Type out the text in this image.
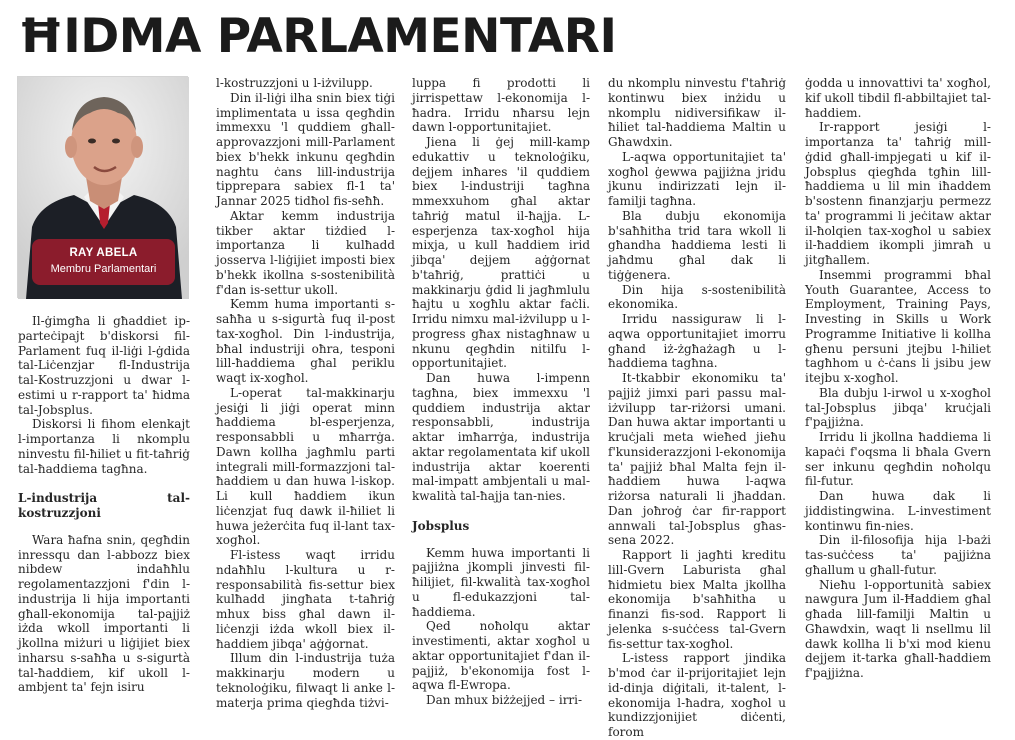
ĦIDMA PARLAMENTARI
RAY ABELA
Membru Parlamentari

Il-ġimgħa li għaddiet ip-parteċipajt b'diskorsi fil-Parlament fuq il-liġi l-ġdida tal-Liċenzjar fl-Industrija tal-Kostruzzjoni u dwar l-estimi u r-rapport ta' ħidma tal-Jobsplus.

Diskorsi li fihom elenkajt l-importanza li nkomplu ninvestu fil-ħiliet u fit-taħriġ tal-ħaddiema tagħna.

L-industrija tal-kostruzzjoni

Wara ħafna snin, qegħdin inressqu dan l-abbozz biex nibdew indaħħlu regolamentazzjoni f'din l-industrija li hija importanti għall-ekonomija tal-pajjiż iżda wkoll importanti li jkollna miżuri u liġijiet biex inharsu s-saħħa u s-sigurtà tal-ħaddiem, kif ukoll l-ambjent ta' fejn isiru

l-kostruzzjoni u l-iżvilupp.

Din il-liġi ilha snin biex tiġi implimentata u issa qegħdin immexxu 'l quddiem għall-approvazzjoni mill-Parlament biex b'hekk inkunu qegħdin naghtu ċans lill-industrija tipprepara sabiex fl-1 ta' Jannar 2025 tidħol fis-seħħ.

Aktar kemm industrija tikber aktar tiżdied l-importanza li kulħadd josserva l-liġijiet imposti biex b'hekk ikollna s-sostenibilità f'dan is-settur ukoll.

Kemm huma importanti s-saħħa u s-sigurtà fuq il-post tax-xogħol. Din l-industrija, bħal industriji oħra, tesponi lill-ħaddiema għal periklu waqt ix-xogħol.

L-operat tal-makkinarju jesiġi li jiġi operat minn ħaddiema bl-esperjenza, responsabbli u mħarrġa. Dawn kollha jagħmlu parti integrali mill-formazzjoni tal-ħaddiem u dan huwa l-iskop. Li kull ħaddiem ikun liċenzjat fuq dawk il-ħiliet li huwa jeżerċita fuq il-lant tax-xogħol.

Fl-istess waqt irridu ndaħħlu l-kultura u r-responsabilità fis-settur biex kulħadd jingħata t-taħriġ mhux biss għal dawn il-liċenzji iżda wkoll biex il-ħaddiem jibqa' aġġornat.

Illum din l-industrija tuża makkinarju modern u teknoloġiku, filwaqt li anke l-materja prima qiegħda tiżvi-

luppa fi prodotti li jirrispettaw l-ekonomija l-ħadra. Irridu nħarsu lejn dawn l-opportunitajiet.

Jiena li ġej mill-kamp edukattiv u teknoloġiku, dejjem inħares 'il quddiem biex l-industriji tagħna mmexxuhom għal aktar taħriġ matul il-ħajja. L-esperjenza tax-xogħol hija mixja, u kull ħaddiem irid jibqa' dejjem aġġornat b'taħriġ, prattiċi u makkinarju ġdid li jagħmlulu ħajtu u xogħlu aktar faċli. Irridu nimxu mal-iżvilupp u l-progress għax nistagħnaw u nkunu qegħdin nitilfu l-opportunitajiet.

Dan huwa l-impenn tagħna, biex immexxu 'l quddiem industrija aktar responsabbli, industrija aktar imħarrġa, industrija aktar regolamentata kif ukoll industrija aktar koerenti mal-impatt ambjentali u mal-kwalità tal-ħajja tan-nies.

Jobsplus

Kemm huwa importanti li pajjiżna jkompli jinvesti fil-ħilijiet, fil-kwalità tax-xogħol u fl-edukazzjoni tal-ħaddiema.

Qed noħolqu aktar investimenti, aktar xogħol u aktar opportunitajiet f'dan il-pajjiż, b'ekonomija fost l-aqwa fl-Ewropa.

Dan mhux biżżejjed – irri-

du nkomplu ninvestu f'taħriġ kontinwu biex inżidu u nkomplu nidiversifikaw il-ħiliet tal-ħaddiema Maltin u Għawdxin.

L-aqwa opportunitajiet ta' xogħol ġewwa pajjiżna jridu jkunu indirizzati lejn il-familji tagħna.

Bla dubju ekonomija b'saħħitha trid tara wkoll li għandha ħaddiema lesti li jaħdmu għal dak li tiġġenera.

Din hija s-sostenibilità ekonomika.

Irridu nassiguraw li l-aqwa opportunitajiet imorru għand iż-żgħażagħ u l-ħaddiema tagħna.

It-tkabbir ekonomiku ta' pajjiż jimxi pari passu mal-iżvilupp tar-riżorsi umani. Dan huwa aktar importanti u kruċjali meta wieħed jieħu f'kunsiderazzjoni l-ekonomija ta' pajjiż bħal Malta fejn il-ħaddiem huwa l-aqwa riżorsa naturali li jħaddan. Dan joħroġ ċar fir-rapport annwali tal-Jobsplus għas-sena 2022.

Rapport li jagħti kreditu lill-Gvern Laburista għal ħidmietu biex Malta jkollha ekonomija b'saħħitha u finanzi fis-sod. Rapport li jelenka s-suċċess tal-Gvern fis-settur tax-xogħol.

L-istess rapport jindika b'mod ċar il-prijoritajiet lejn id-dinja diġitali, it-talent, l-ekonomija l-ħadra, xogħol u kundizzjonijiet diċenti, forom

ġodda u innovattivi ta' xogħol, kif ukoll tibdil fl-abbiltajiet tal-ħaddiem.

Ir-rapport jesiġi l-importanza ta' taħriġ mill-ġdid għall-impjegati u kif il-Jobsplus qiegħda tgħin lill-ħaddiema u lil min iħaddem b'sostenn finanzjarju permezz ta' programmi li jeċitaw aktar il-ħolqien tax-xogħol u sabiex il-ħaddiem ikompli jimraħ u jitgħallem.

Insemmi programmi bħal Youth Guarantee, Access to Employment, Training Pays, Investing in Skills u Work Programme Initiative li kollha għenu persuni jtejbu l-ħiliet tagħhom u ċ-ċans li jsibu jew itejbu x-xogħol.

Bla dubju l-irwol u x-xogħol tal-Jobsplus jibqa' kruċjali f'pajjiżna.

Irridu li jkollna ħaddiema li kapaċi f'oqsma li bħala Gvern ser inkunu qegħdin noħolqu fil-futur.

Dan huwa dak li jiddistingwina. L-investiment kontinwu fin-nies.

Din il-filosofija hija l-bażi tas-suċċess ta' pajjiżna għallum u għall-futur.

Nieħu l-opportunità sabiex nawgura Jum il-Ħaddiem għal għada lill-familji Maltin u Għawdxin, waqt li nsellmu lil dawk kollha li b'xi mod kienu dejjem it-tarka għall-ħaddiem f'pajjiżna.
